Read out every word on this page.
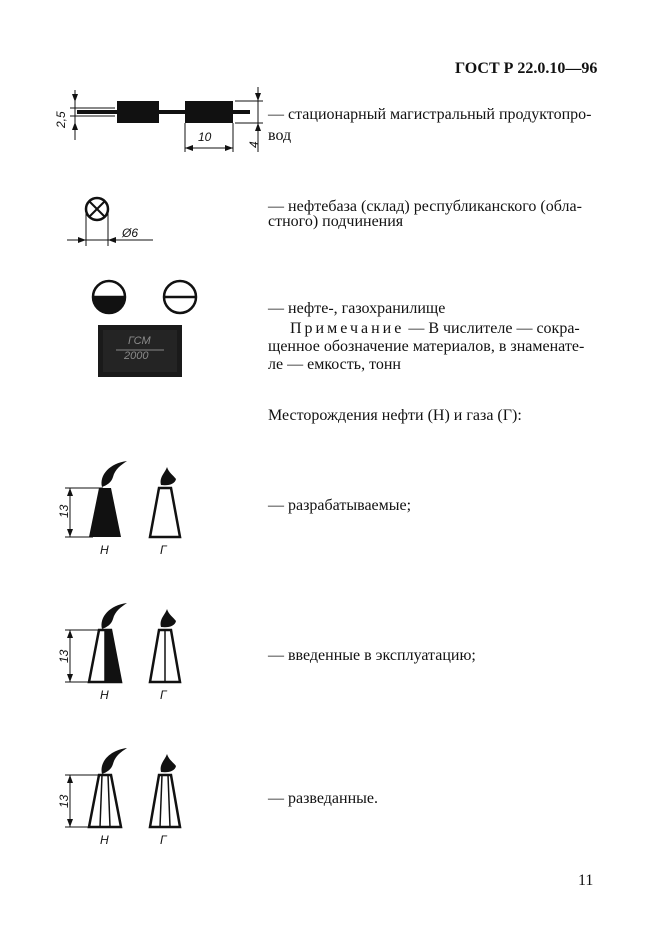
ГОСТ Р 22.0.10—96
2,5
10
4
— стационарный магистральный продуктопро-
вод
Ø6
— нефтебаза (склад) республиканского (обла-
стного) подчинения
ГСМ
2000
— нефте-, газохранилище
Примечание — В числителе — сокра-
щенное обозначение материалов, в знаменате-
ле — емкость, тонн
Месторождения нефти (Н) и газа (Г):
13
Н	Г
— разрабатываемые;
13
Н	Г
— введенные в эксплуатацию;
13
Н	Г
— разведанные.
11
